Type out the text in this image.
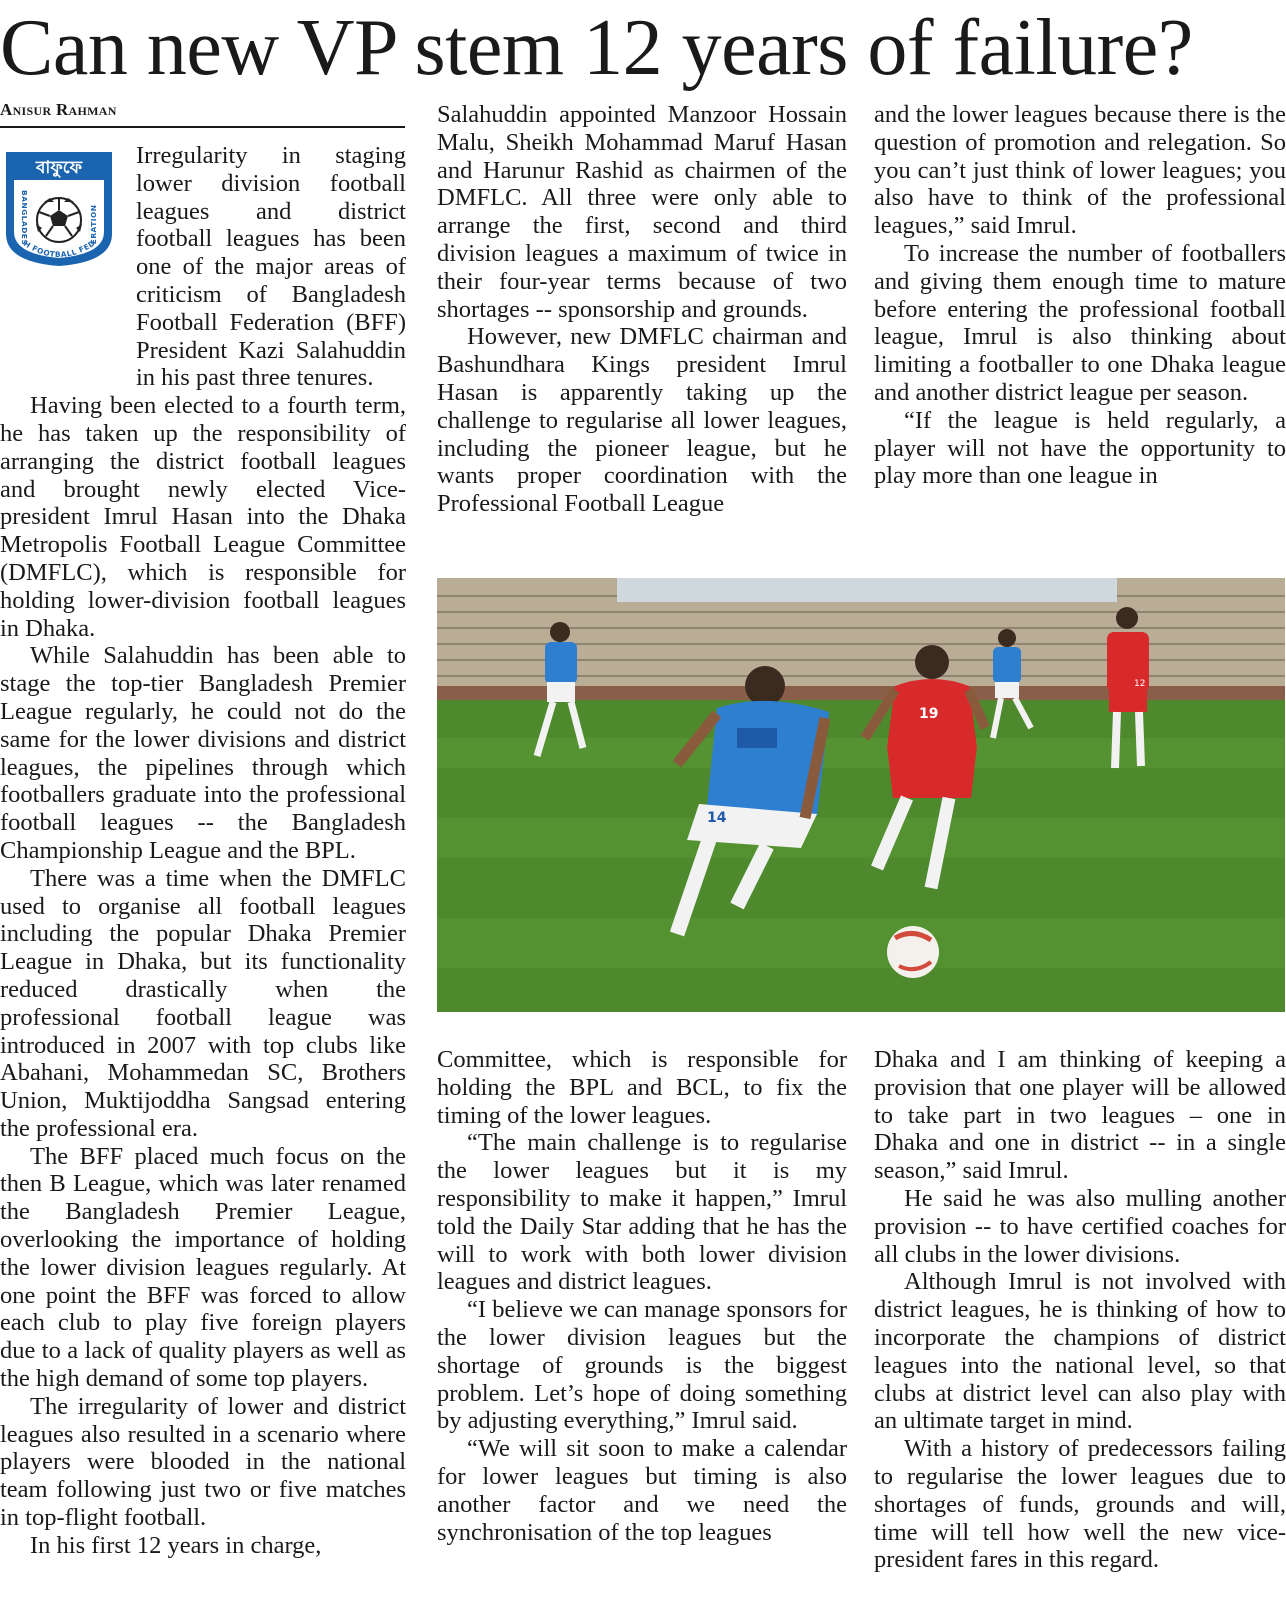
Can new VP stem 12 years of failure?
Anisur Rahman
বাফুফে
BANGLADESH FOOTBALL FEDERATION

Irregularity in staging lower division football leagues and district football leagues has been one of the major areas of criticism of Bangladesh Football Federation (BFF) President Kazi Salahuddin in his past three tenures.

Having been elected to a fourth term, he has taken up the responsibility of arranging the district football leagues and brought newly elected Vice-president Imrul Hasan into the Dhaka Metropolis Football League Committee (DMFLC), which is responsible for holding lower-division football leagues in Dhaka.

While Salahuddin has been able to stage the top-tier Bangladesh Premier League regularly, he could not do the same for the lower divisions and district leagues, the pipelines through which footballers graduate into the professional football leagues -- the Bangladesh Championship League and the BPL.

There was a time when the DMFLC used to organise all football leagues including the popular Dhaka Premier League in Dhaka, but its functionality reduced drastically when the professional football league was introduced in 2007 with top clubs like Abahani, Mohammedan SC, Brothers Union, Muktijoddha Sangsad entering the professional era.

The BFF placed much focus on the then B League, which was later renamed the Bangladesh Premier League, overlooking the importance of holding the lower division leagues regularly. At one point the BFF was forced to allow each club to play five foreign players due to a lack of quality players as well as the high demand of some top players.

The irregularity of lower and district leagues also resulted in a scenario where players were blooded in the national team following just two or five matches in top-flight football.

In his first 12 years in charge,

Salahuddin appointed Manzoor Hossain Malu, Sheikh Mohammad Maruf Hasan and Harunur Rashid as chairmen of the DMFLC. All three were only able to arrange the first, second and third division leagues a maximum of twice in their four-year terms because of two shortages -- sponsorship and grounds.

However, new DMFLC chairman and Bashundhara Kings president Imrul Hasan is apparently taking up the challenge to regularise all lower leagues, including the pioneer league, but he wants proper coordination with the Professional Football League

and the lower leagues because there is the question of promotion and relegation. So you can’t just think of lower leagues; you also have to think of the professional leagues,” said Imrul.

To increase the number of footballers and giving them enough time to mature before entering the professional football league, Imrul is also thinking about limiting a footballer to one Dhaka league and another district league per season.

“If the league is held regularly, a player will not have the opportunity to play more than one league in

12
19
14

Committee, which is responsible for holding the BPL and BCL, to fix the timing of the lower leagues.

“The main challenge is to regularise the lower leagues but it is my responsibility to make it happen,” Imrul told the Daily Star adding that he has the will to work with both lower division leagues and district leagues.

“I believe we can manage sponsors for the lower division leagues but the shortage of grounds is the biggest problem. Let’s hope of doing something by adjusting everything,” Imrul said.

“We will sit soon to make a calendar for lower leagues but timing is also another factor and we need the synchronisation of the top leagues

Dhaka and I am thinking of keeping a provision that one player will be allowed to take part in two leagues – one in Dhaka and one in district -- in a single season,” said Imrul.

He said he was also mulling another provision -- to have certified coaches for all clubs in the lower divisions.

Although Imrul is not involved with district leagues, he is thinking of how to incorporate the champions of district leagues into the national level, so that clubs at district level can also play with an ultimate target in mind.

With a history of predecessors failing to regularise the lower leagues due to shortages of funds, grounds and will, time will tell how well the new vice-president fares in this regard.
